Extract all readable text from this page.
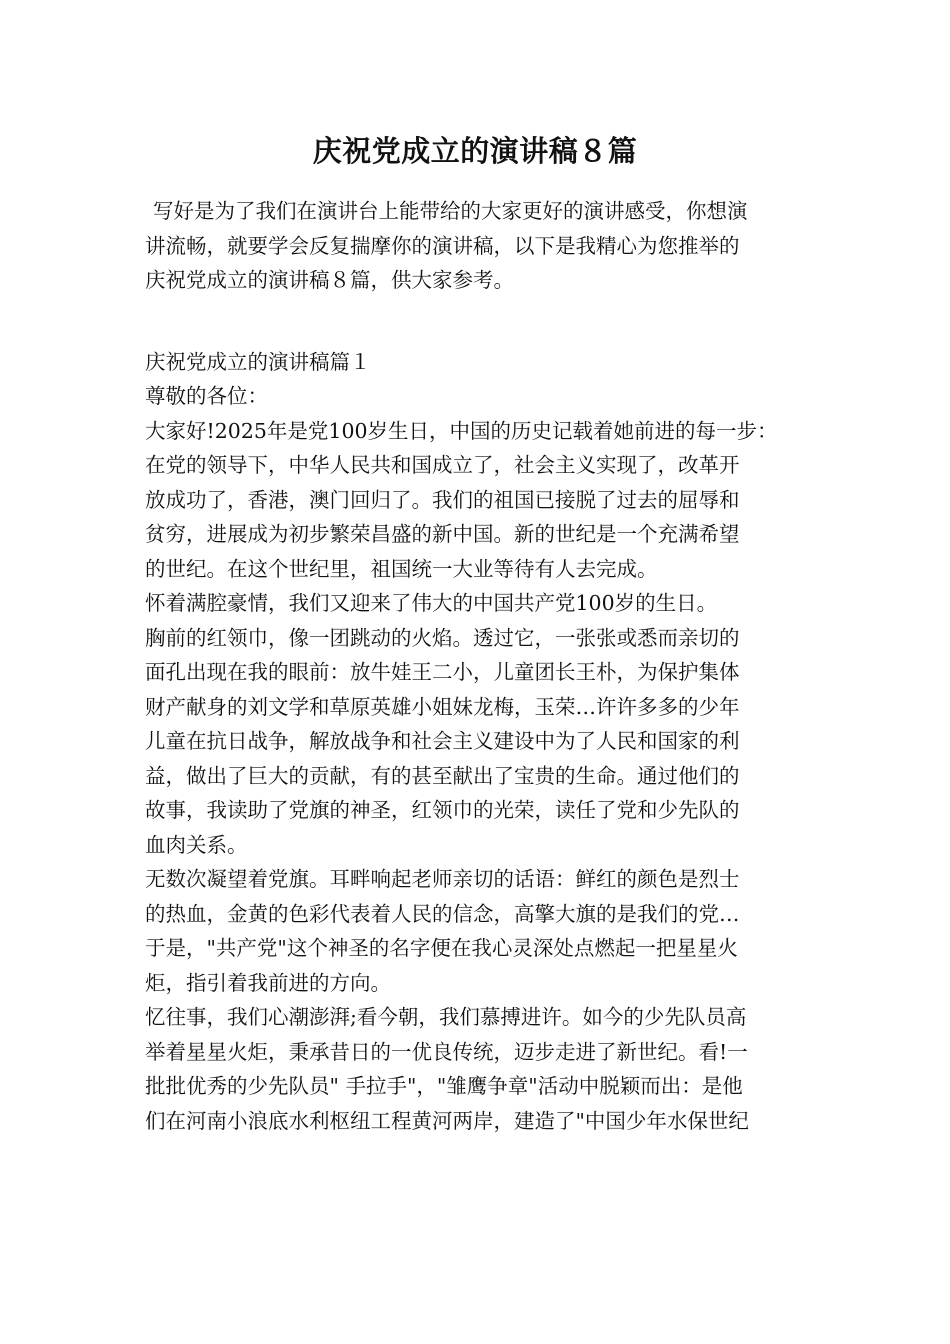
庆祝党成立的演讲稿８篇
写好是为了我们在演讲台上能带给的大家更好的演讲感受，你想演
讲流畅，就要学会反复揣摩你的演讲稿，以下是我精心为您推举的
庆祝党成立的演讲稿８篇，供大家参考。
庆祝党成立的演讲稿篇１
尊敬的各位：
大家好!2025年是党100岁生日，中国的历史记载着她前进的每一步：
在党的领导下，中华人民共和国成立了，社会主义实现了，改革开
放成功了，香港，澳门回归了。我们的祖国已接脱了过去的屈辱和
贫穷，进展成为初步繁荣昌盛的新中国。新的世纪是一个充满希望
的世纪。在这个世纪里，祖国统一大业等待有人去完成。
怀着满腔豪情，我们又迎来了伟大的中国共产党100岁的生日。
胸前的红领巾，像一团跳动的火焰。透过它，一张张或悉而亲切的
面孔出现在我的眼前：放牛娃王二小，儿童团长王朴，为保护集体
财产献身的刘文学和草原英雄小姐妹龙梅，玉荣…许许多多的少年
儿童在抗日战争，解放战争和社会主义建设中为了人民和国家的利
益，做出了巨大的贡献，有的甚至献出了宝贵的生命。通过他们的
故事，我读助了党旗的神圣，红领巾的光荣，读任了党和少先队的
血肉关系。
无数次凝望着党旗。耳畔响起老师亲切的话语：鲜红的颜色是烈士
的热血，金黄的色彩代表着人民的信念，高擎大旗的是我们的党…
于是，"共产党"这个神圣的名字便在我心灵深处点燃起一把星星火
炬，指引着我前进的方向。
忆往事，我们心潮澎湃;看今朝，我们慕搏进许。如今的少先队员高
举着星星火炬，秉承昔日的一优良传统，迈步走进了新世纪。看!一
批批优秀的少先队员" 手拉手"，"雏鹰争章"活动中脱颖而出：是他
们在河南小浪底水利枢纽工程黄河两岸，建造了"中国少年水保世纪
